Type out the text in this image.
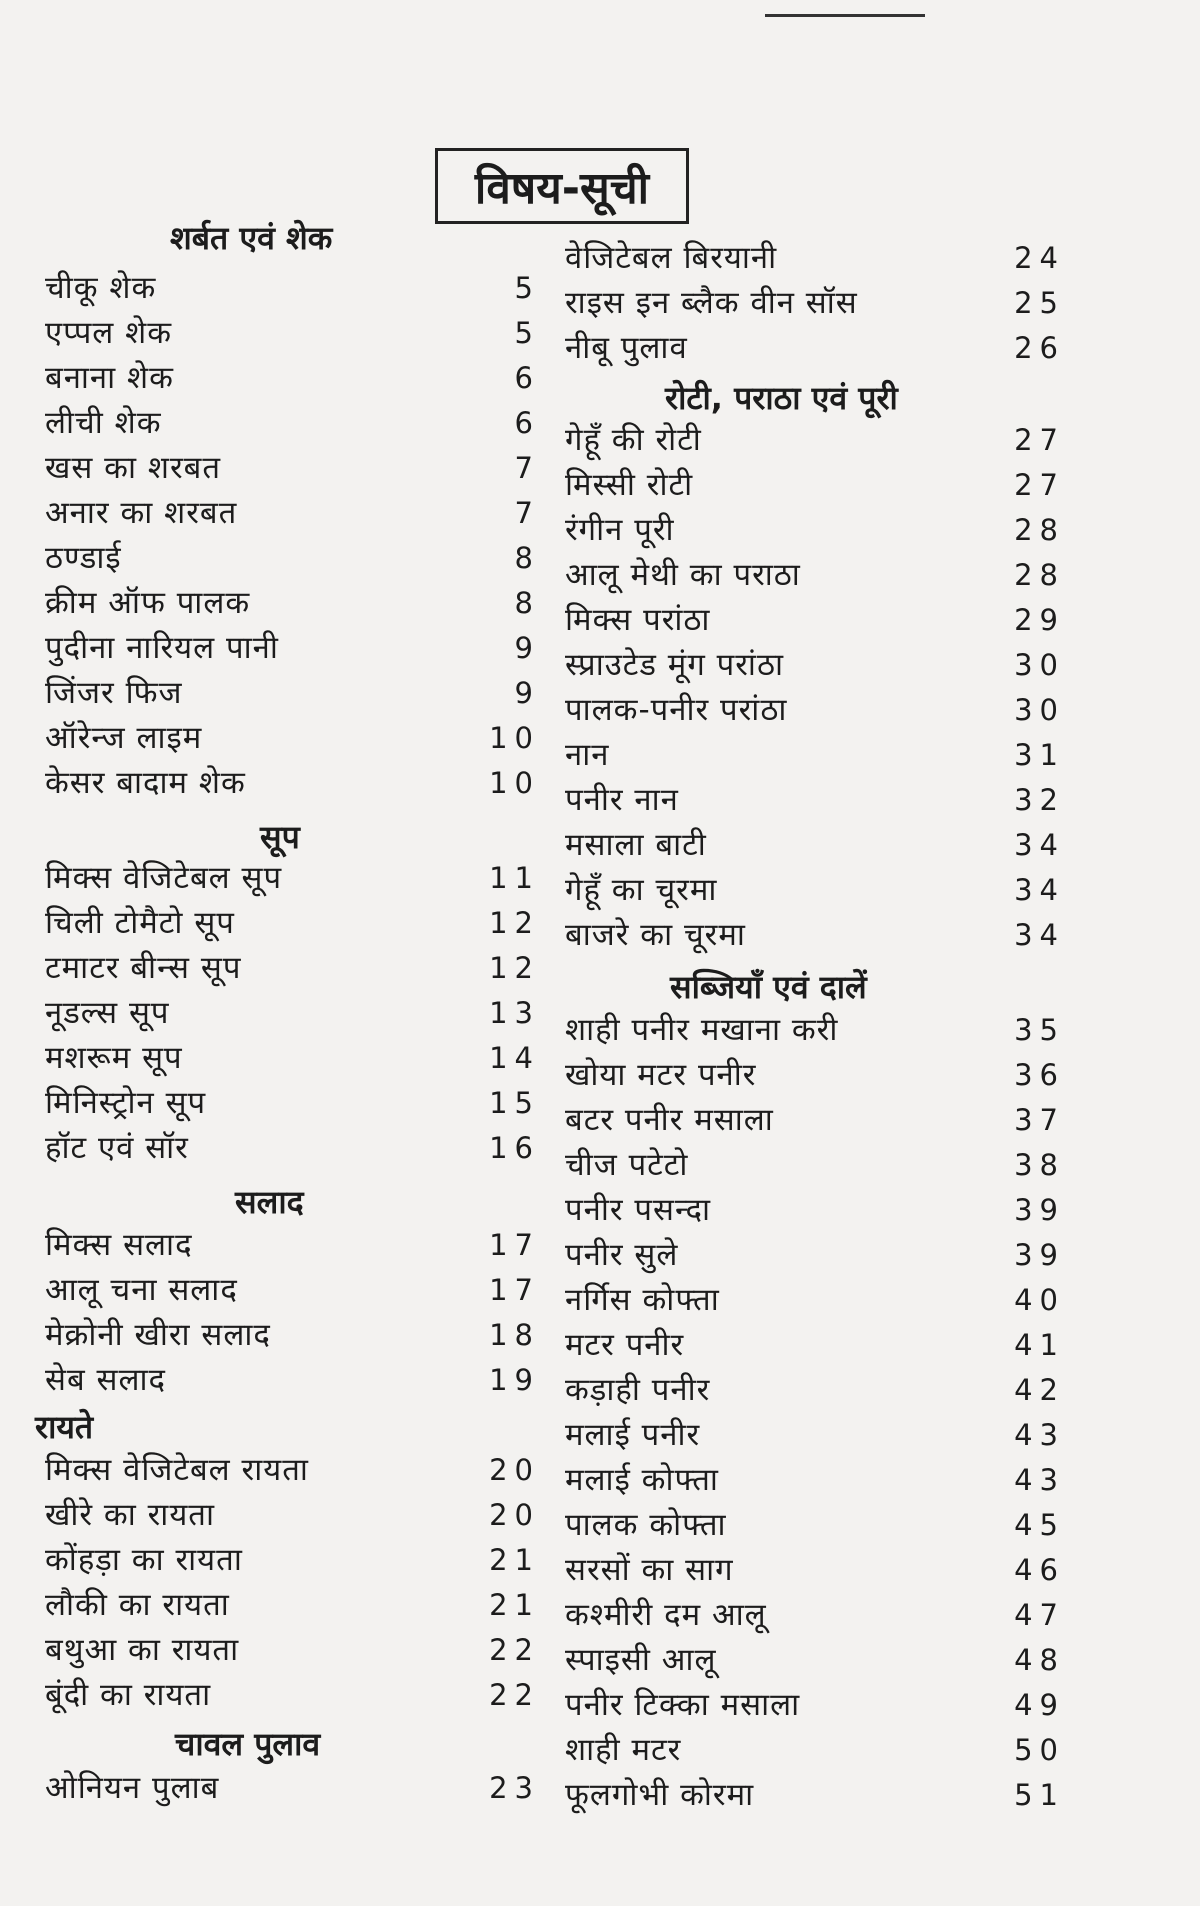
विषय-सूची
शर्बत एवं शेक
चीकू शेक	5
एप्पल शेक	5
बनाना शेक	6
लीची शेक	6
खस का शरबत	7
अनार का शरबत	7
ठण्डाई	8
क्रीम ऑफ पालक	8
पुदीना नारियल पानी	9
जिंजर फिज	9
ऑरेन्ज लाइम	10
केसर बादाम शेक	10
सूप
मिक्स वेजिटेबल सूप	11
चिली टोमैटो सूप	12
टमाटर बीन्स सूप	12
नूडल्स सूप	13
मशरूम सूप	14
मिनिस्ट्रोन सूप	15
हॉट एवं सॉर	16
सलाद
मिक्स सलाद	17
आलू चना सलाद	17
मेक्रोनी खीरा सलाद	18
सेब सलाद	19
रायते
मिक्स वेजिटेबल रायता	20
खीरे का रायता	20
कोंहड़ा का रायता	21
लौकी का रायता	21
बथुआ का रायता	22
बूंदी का रायता	22
चावल पुलाव
ओनियन पुलाब	23
वेजिटेबल बिरयानी	24
राइस इन ब्लैक वीन सॉस	25
नीबू पुलाव	26
रोटी, पराठा एवं पूरी
गेहूँ की रोटी	27
मिस्सी रोटी	27
रंगीन पूरी	28
आलू मेथी का पराठा	28
मिक्स परांठा	29
स्प्राउटेड मूंग परांठा	30
पालक-पनीर परांठा	30
नान	31
पनीर नान	32
मसाला बाटी	34
गेहूँ का चूरमा	34
बाजरे का चूरमा	34
सब्जियाँ एवं दालें
शाही पनीर मखाना करी	35
खोया मटर पनीर	36
बटर पनीर मसाला	37
चीज पटेटो	38
पनीर पसन्दा	39
पनीर सुले	39
नर्गिस कोफ्ता	40
मटर पनीर	41
कड़ाही पनीर	42
मलाई पनीर	43
मलाई कोफ्ता	43
पालक कोफ्ता	45
सरसों का साग	46
कश्मीरी दम आलू	47
स्पाइसी आलू	48
पनीर टिक्का मसाला	49
शाही मटर	50
फूलगोभी कोरमा	51
